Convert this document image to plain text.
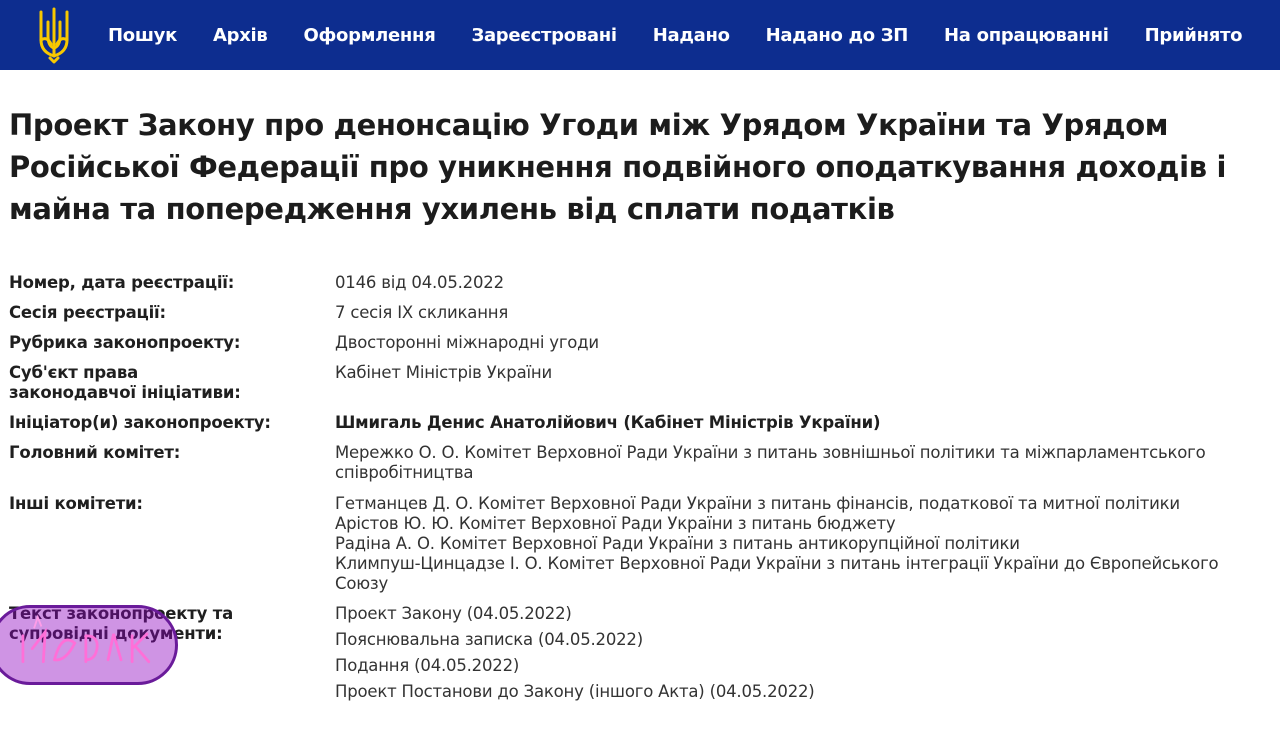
Пошук Архів Оформлення Зареєстровані Надано Надано до ЗП На опрацюванні Прийнято
Проект Закону про денонсацію Угоди між Урядом України та Урядом Російської Федерації про уникнення подвійного оподаткування доходів і майна та попередження ухилень від сплати податків
Номер, дата реєстрації:	0146 від 04.05.2022
Сесія реєстрації:	7 сесія IX скликання
Рубрика законопроекту:	Двосторонні міжнародні угоди
Суб'єкт права законодавчої ініціативи:
Кабінет Міністрів України
Ініціатор(и) законопроекту:	Шмигаль Денис Анатолійович (Кабінет Міністрів України)
Головний комітет:	Мережко О. О. Комітет Верховної Ради України з питань зовнішньої політики та міжпарламентського співробітництва
Інші комітети:	Гетманцев Д. О. Комітет Верховної Ради України з питань фінансів, податкової та митної політики
Арістов Ю. Ю. Комітет Верховної Ради України з питань бюджету
Радіна А. О. Комітет Верховної Ради України з питань антикорупційної політики
Климпуш-Цинцадзе І. О. Комітет Верховної Ради України з питань інтеграції України до Європейського Союзу
Текст законопроекту та супровідні документи:
Проект Закону (04.05.2022)
Пояснювальна записка (04.05.2022)
Подання (04.05.2022)
Проект Постанови до Закону (іншого Акта) (04.05.2022)
